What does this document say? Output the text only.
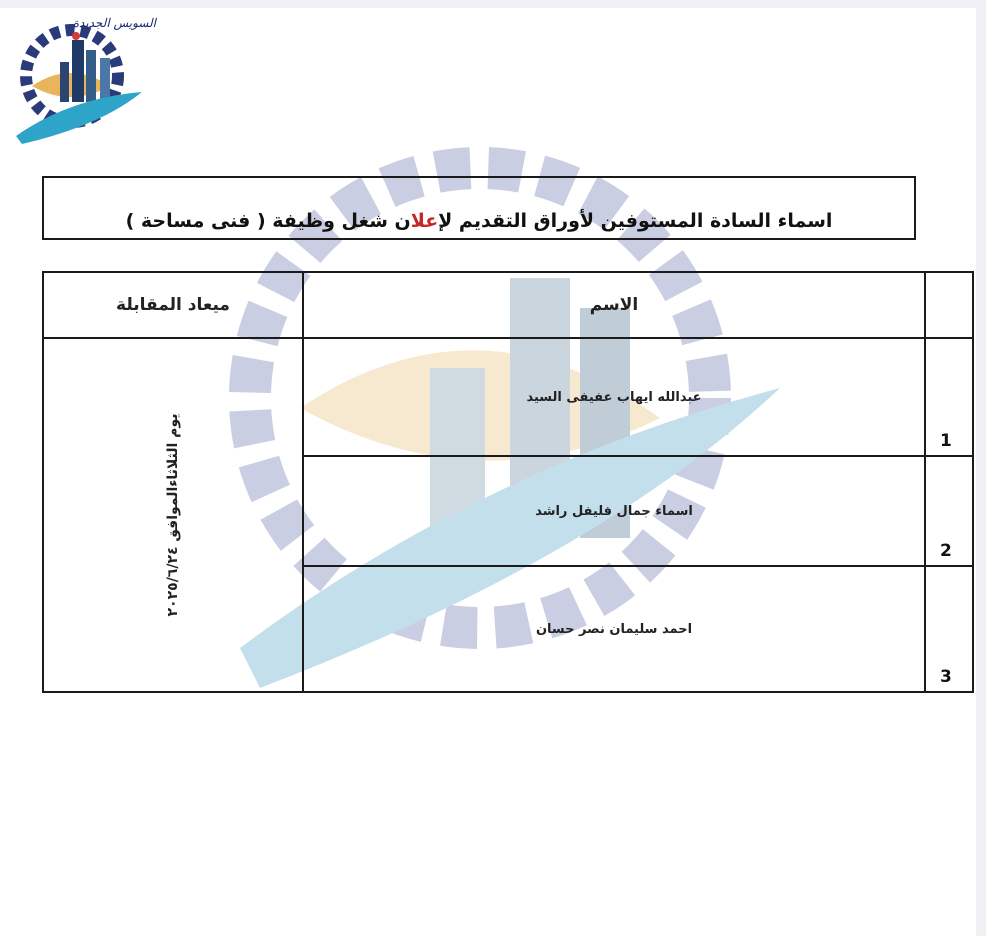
السويس الجديدة
اسماء السادة المستوفين لأوراق التقديم لإعلان شغل وظيفة ( فنى مساحة )
ميعاد المقابلة	الاسم	

يوم الثلاثاءالموافق ٢٠٢٥/٦/٢٤	عبدالله ايهاب عفيفى السيد	1

	اسماء جمال فليفل راشد	2

	احمد سليمان نصر حسان	3
